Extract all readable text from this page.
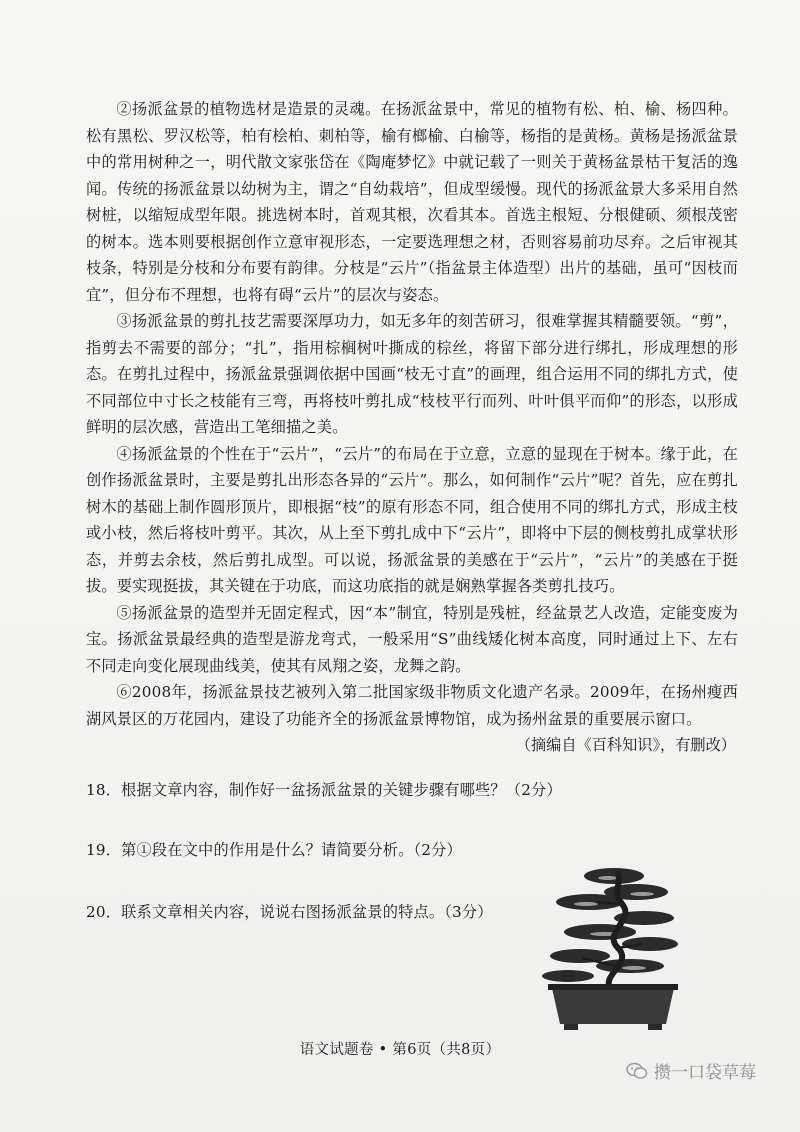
②扬派盆景的植物选材是造景的灵魂。在扬派盆景中，常见的植物有松、柏、榆、杨四种。松有黑松、罗汉松等，柏有桧柏、刺柏等，榆有榔榆、白榆等，杨指的是黄杨。黄杨是扬派盆景中的常用树种之一，明代散文家张岱在《陶庵梦忆》中就记载了一则关于黄杨盆景枯干复活的逸闻。传统的扬派盆景以幼树为主，谓之“自幼栽培”，但成型缓慢。现代的扬派盆景大多采用自然树桩，以缩短成型年限。挑选树本时，首观其根，次看其本。首选主根短、分根健硕、须根茂密的树本。选本则要根据创作立意审视形态，一定要选理想之材，否则容易前功尽弃。之后审视其枝条，特别是分枝和分布要有韵律。分枝是“云片”（指盆景主体造型）出片的基础，虽可“因枝而宜”，但分布不理想，也将有碍“云片”的层次与姿态。

③扬派盆景的剪扎技艺需要深厚功力，如无多年的刻苦研习，很难掌握其精髓要领。“剪”，指剪去不需要的部分；“扎”，指用棕榈树叶撕成的棕丝，将留下部分进行绑扎，形成理想的形态。在剪扎过程中，扬派盆景强调依据中国画“枝无寸直”的画理，组合运用不同的绑扎方式，使不同部位中寸长之枝能有三弯，再将枝叶剪扎成“枝枝平行而列、叶叶俱平而仰”的形态，以形成鲜明的层次感，营造出工笔细描之美。

④扬派盆景的个性在于“云片”，“云片”的布局在于立意，立意的显现在于树本。缘于此，在创作扬派盆景时，主要是剪扎出形态各异的“云片”。那么，如何制作“云片”呢？首先，应在剪扎树木的基础上制作圆形顶片，即根据“枝”的原有形态不同，组合使用不同的绑扎方式，形成主枝或小枝，然后将枝叶剪平。其次，从上至下剪扎成中下“云片”，即将中下层的侧枝剪扎成掌状形态，并剪去余枝，然后剪扎成型。可以说，扬派盆景的美感在于“云片”，“云片”的美感在于挺拔。要实现挺拔，其关键在于功底，而这功底指的就是娴熟掌握各类剪扎技巧。

⑤扬派盆景的造型并无固定程式，因“本”制宜，特别是残桩，经盆景艺人改造，定能变废为宝。扬派盆景最经典的造型是游龙弯式，一般采用“S”曲线矮化树本高度，同时通过上下、左右不同走向变化展现曲线美，使其有凤翔之姿，龙舞之韵。

⑥2008年，扬派盆景技艺被列入第二批国家级非物质文化遗产名录。2009年，在扬州瘦西湖风景区的万花园内，建设了功能齐全的扬派盆景博物馆，成为扬州盆景的重要展示窗口。

（摘编自《百科知识》，有删改）

18．根据文章内容，制作好一盆扬派盆景的关键步骤有哪些？（2分）
19．第①段在文中的作用是什么？请简要分析。（2分）
20．联系文章相关内容，说说右图扬派盆景的特点。（3分）
语文试题卷 • 第6页（共8页）
攒一口袋草莓
